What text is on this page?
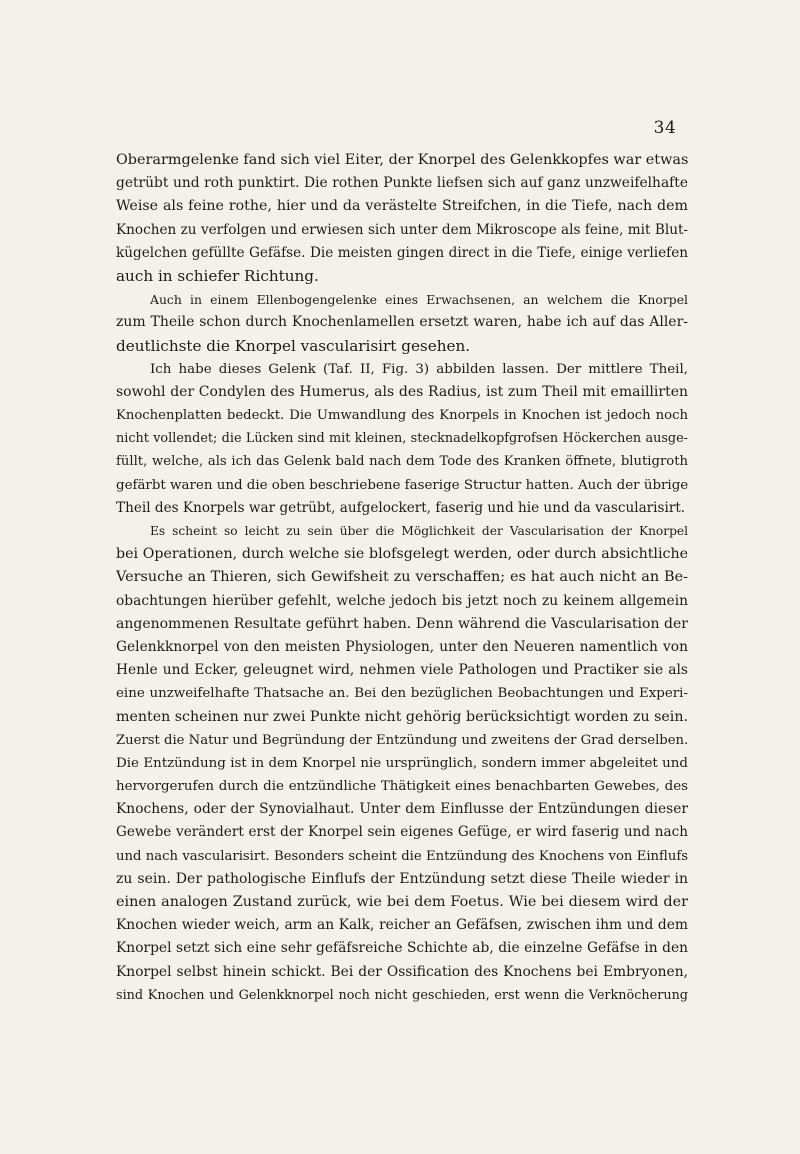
34
Oberarmgelenke fand sich viel Eiter, der Knorpel des Gelenkkopfes war etwas
getrübt und roth punktirt. Die rothen Punkte liefsen sich auf ganz unzweifelhafte
Weise als feine rothe, hier und da verästelte Streifchen, in die Tiefe, nach dem
Knochen zu verfolgen und erwiesen sich unter dem Mikroscope als feine, mit Blut-
kügelchen gefüllte Gefäfse. Die meisten gingen direct in die Tiefe, einige verliefen
auch in schiefer Richtung.
Auch in einem Ellenbogengelenke eines Erwachsenen, an welchem die Knorpel
zum Theile schon durch Knochenlamellen ersetzt waren, habe ich auf das Aller-
deutlichste die Knorpel vascularisirt gesehen.
Ich habe dieses Gelenk (Taf. II, Fig. 3) abbilden lassen. Der mittlere Theil,
sowohl der Condylen des Humerus, als des Radius, ist zum Theil mit emaillirten
Knochenplatten bedeckt. Die Umwandlung des Knorpels in Knochen ist jedoch noch
nicht vollendet; die Lücken sind mit kleinen, stecknadelkopfgrofsen Höckerchen ausge-
füllt, welche, als ich das Gelenk bald nach dem Tode des Kranken öffnete, blutigroth
gefärbt waren und die oben beschriebene faserige Structur hatten. Auch der übrige
Theil des Knorpels war getrübt, aufgelockert, faserig und hie und da vascularisirt.
Es scheint so leicht zu sein über die Möglichkeit der Vascularisation der Knorpel
bei Operationen, durch welche sie blofsgelegt werden, oder durch absichtliche
Versuche an Thieren, sich Gewifsheit zu verschaffen; es hat auch nicht an Be-
obachtungen hierüber gefehlt, welche jedoch bis jetzt noch zu keinem allgemein
angenommenen Resultate geführt haben. Denn während die Vascularisation der
Gelenkknorpel von den meisten Physiologen, unter den Neueren namentlich von
Henle und Ecker, geleugnet wird, nehmen viele Pathologen und Practiker sie als
eine unzweifelhafte Thatsache an. Bei den bezüglichen Beobachtungen und Experi-
menten scheinen nur zwei Punkte nicht gehörig berücksichtigt worden zu sein.
Zuerst die Natur und Begründung der Entzündung und zweitens der Grad derselben.
Die Entzündung ist in dem Knorpel nie ursprünglich, sondern immer abgeleitet und
hervorgerufen durch die entzündliche Thätigkeit eines benachbarten Gewebes, des
Knochens, oder der Synovialhaut. Unter dem Einflusse der Entzündungen dieser
Gewebe verändert erst der Knorpel sein eigenes Gefüge, er wird faserig und nach
und nach vascularisirt. Besonders scheint die Entzündung des Knochens von Einflufs
zu sein. Der pathologische Einflufs der Entzündung setzt diese Theile wieder in
einen analogen Zustand zurück, wie bei dem Foetus. Wie bei diesem wird der
Knochen wieder weich, arm an Kalk, reicher an Gefäfsen, zwischen ihm und dem
Knorpel setzt sich eine sehr gefäfsreiche Schichte ab, die einzelne Gefäfse in den
Knorpel selbst hinein schickt. Bei der Ossification des Knochens bei Embryonen,
sind Knochen und Gelenkknorpel noch nicht geschieden, erst wenn die Verknöcherung
